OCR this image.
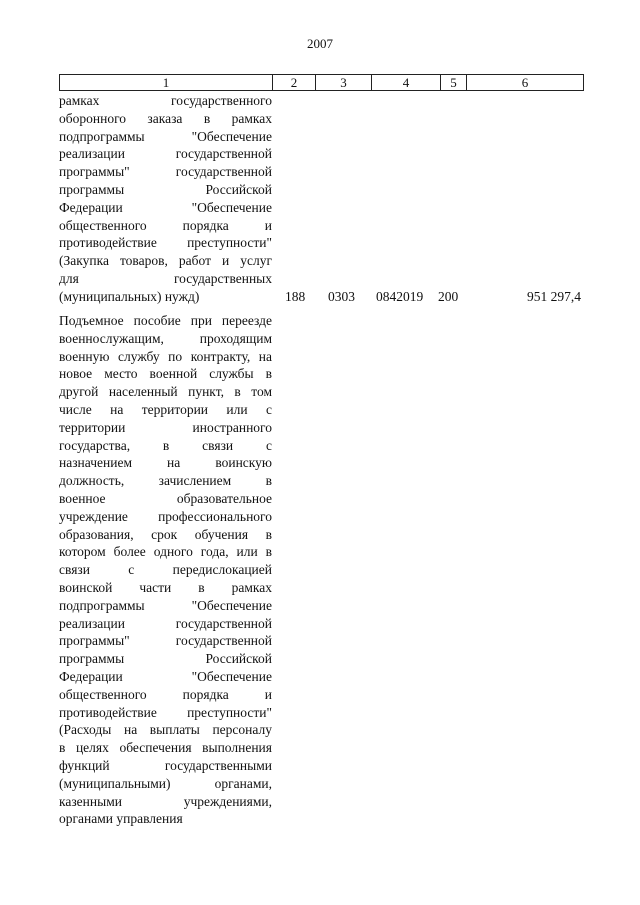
2007
1	2	3	4	5	6
рамках государственного
оборонного заказа в рамках
подпрограммы "Обеспечение
реализации государственной
программы" государственной
программы Российской
Федерации "Обеспечение
общественного порядка и
противодействие преступности"
(Закупка товаров, работ и услуг
для государственных
(муниципальных) нужд)	188 0303 0842019 200	951 297,4
Подъемное пособие при переезде
военнослужащим, проходящим
военную службу по контракту, на
новое место военной службы в
другой населенный пункт, в том
числе на территории или с
территории иностранного
государства, в связи с
назначением на воинскую
должность, зачислением в
военное образовательное
учреждение профессионального
образования, срок обучения в
котором более одного года, или в
связи с передислокацией
воинской части в рамках
подпрограммы "Обеспечение
реализации государственной
программы" государственной
программы Российской
Федерации "Обеспечение
общественного порядка и
противодействие преступности"
(Расходы на выплаты персоналу
в целях обеспечения выполнения
функций государственными
(муниципальными) органами,
казенными учреждениями,
органами управления
